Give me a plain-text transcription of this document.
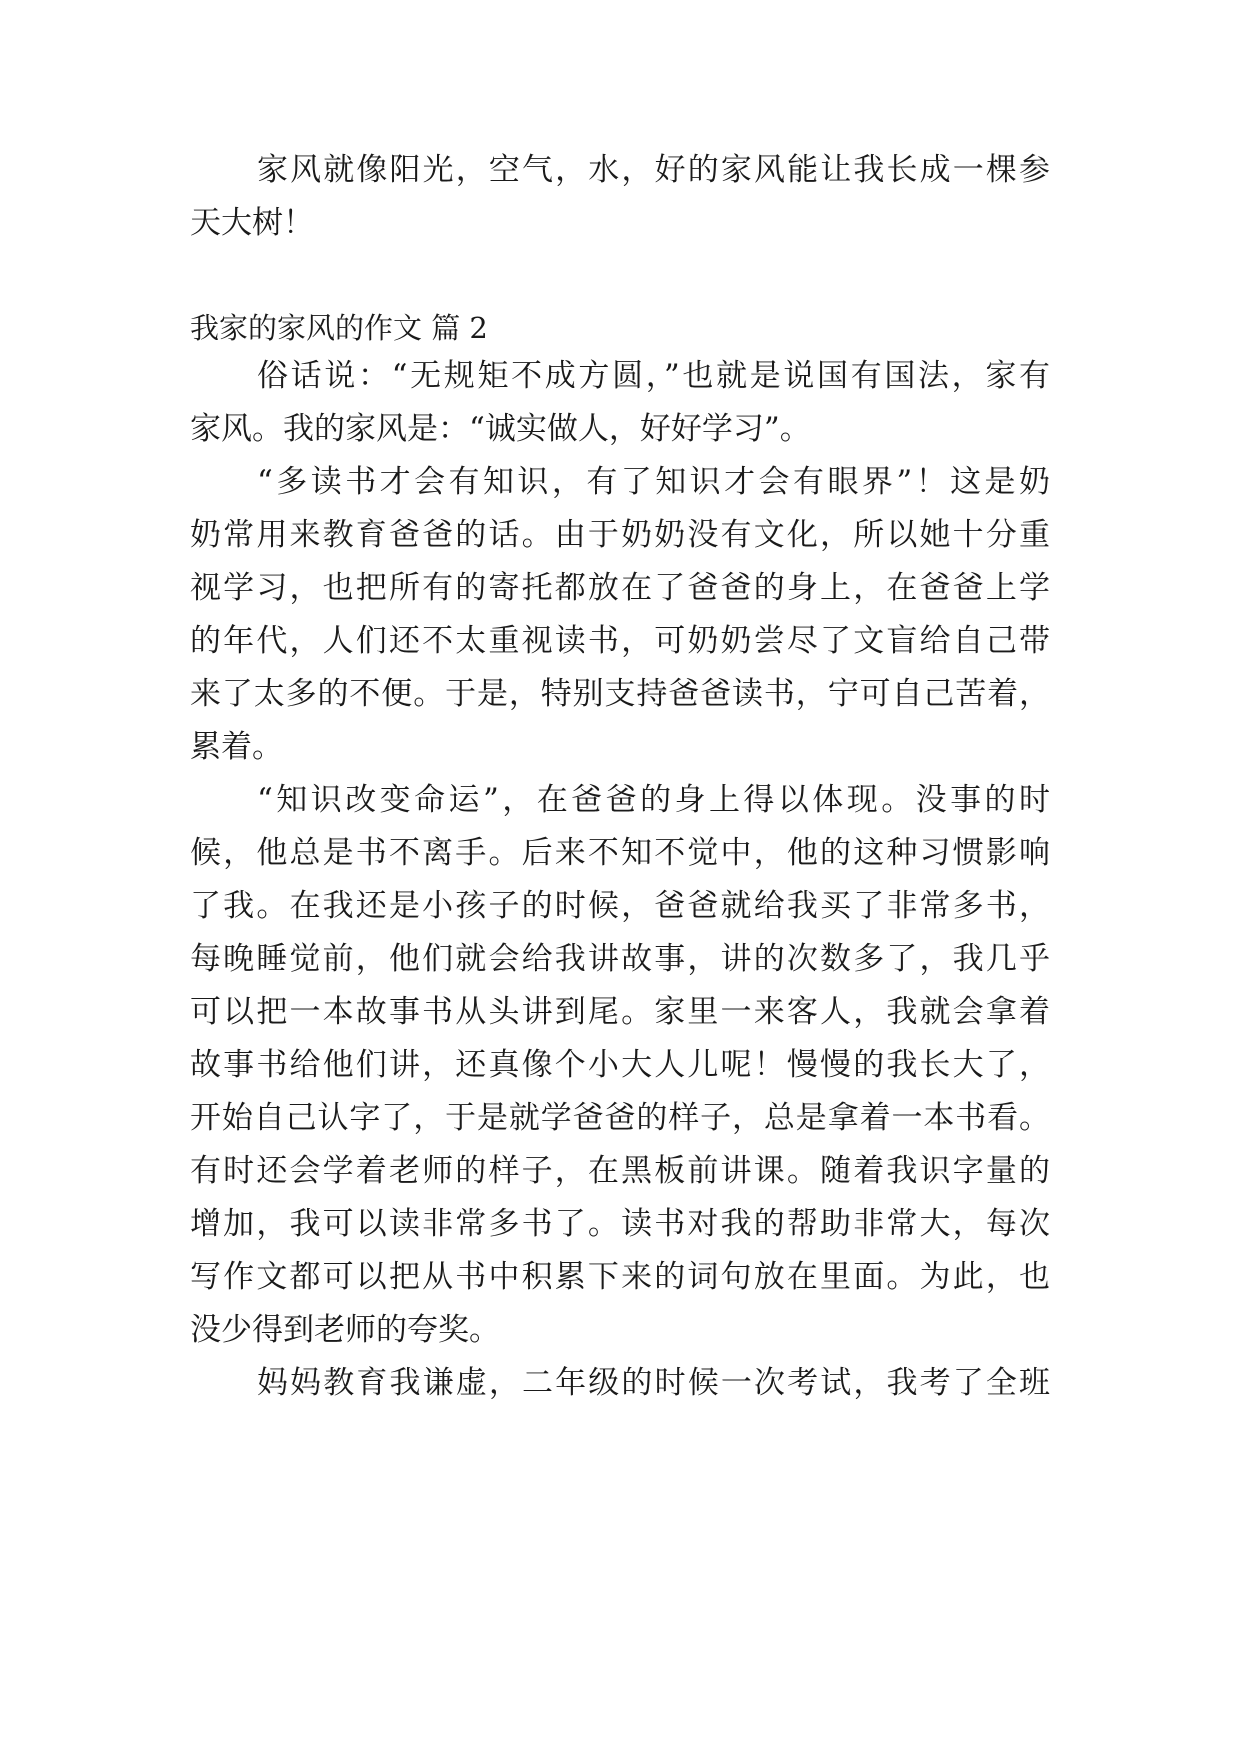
家风就像阳光，空气，水，好的家风能让我长成一棵参
天大树！
我家的家风的作文 篇 2
俗话说：“无规矩不成方圆，”也就是说国有国法，家有
家风。我的家风是：“诚实做人，好好学习”。
“多读书才会有知识，有了知识才会有眼界”！这是奶
奶常用来教育爸爸的话。由于奶奶没有文化，所以她十分重
视学习，也把所有的寄托都放在了爸爸的身上，在爸爸上学
的年代，人们还不太重视读书，可奶奶尝尽了文盲给自己带
来了太多的不便。于是，特别支持爸爸读书，宁可自己苦着，
累着。
“知识改变命运”，在爸爸的身上得以体现。没事的时
候，他总是书不离手。后来不知不觉中，他的这种习惯影响
了我。在我还是小孩子的时候，爸爸就给我买了非常多书，
每晚睡觉前，他们就会给我讲故事，讲的次数多了，我几乎
可以把一本故事书从头讲到尾。家里一来客人，我就会拿着
故事书给他们讲，还真像个小大人儿呢！慢慢的我长大了，
开始自己认字了，于是就学爸爸的样子，总是拿着一本书看。
有时还会学着老师的样子，在黑板前讲课。随着我识字量的
增加，我可以读非常多书了。读书对我的帮助非常大，每次
写作文都可以把从书中积累下来的词句放在里面。为此，也
没少得到老师的夸奖。
妈妈教育我谦虚，二年级的时候一次考试，我考了全班
